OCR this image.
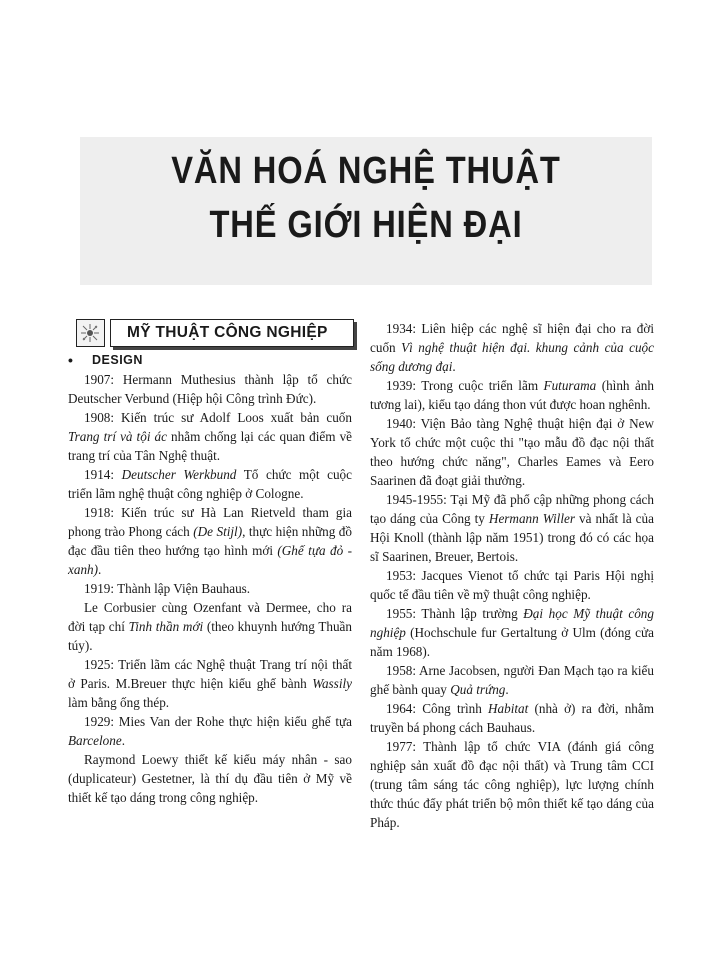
VĂN HOÁ NGHỆ THUẬT
THẾ GIỚI HIỆN ĐẠI
MỸ THUẬT CÔNG NGHIỆP
•	DESIGN

1907: Hermann Muthesius thành lập tổ chức Deutscher Verbund (Hiệp hội Công trình Đức).

1908: Kiến trúc sư Adolf Loos xuất bản cuốn Trang trí và tội ác nhằm chống lại các quan điểm về trang trí của Tân Nghệ thuật.

1914: Deutscher Werkbund Tổ chức một cuộc triển lãm nghệ thuật công nghiệp ở Cologne.

1918: Kiến trúc sư Hà Lan Rietveld tham gia phong trào Phong cách (De Stijl), thực hiện những đồ đạc đầu tiên theo hướng tạo hình mới (Ghế tựa đỏ - xanh).

1919: Thành lập Viện Bauhaus.

Le Corbusier cùng Ozenfant và Dermee, cho ra đời tạp chí Tinh thần mới (theo khuynh hướng Thuần túy).

1925: Triển lãm các Nghệ thuật Trang trí nội thất ở Paris. M.Breuer thực hiện kiểu ghế bành Wassily làm bằng ống thép.

1929: Mies Van der Rohe thực hiện kiểu ghế tựa Barcelone.

Raymond Loewy thiết kế kiểu máy nhân - sao (duplicateur) Gestetner, là thí dụ đầu tiên ở Mỹ về thiết kế tạo dáng trong công nghiệp.

1934: Liên hiệp các nghệ sĩ hiện đại cho ra đời cuốn Vì nghệ thuật hiện đại. khung cảnh của cuộc sống dương đại.

1939: Trong cuộc triển lãm Futurama (hình ảnh tương lai), kiểu tạo dáng thon vút được hoan nghênh.

1940: Viện Bảo tàng Nghệ thuật hiện đại ở New York tổ chức một cuộc thi "tạo mẫu đồ đạc nội thất theo hướng chức năng", Charles Eames và Eero Saarinen đã đoạt giải thưởng.

1945-1955: Tại Mỹ đã phổ cập những phong cách tạo dáng của Công ty Hermann Willer và nhất là của Hội Knoll (thành lập năm 1951) trong đó có các họa sĩ Saarinen, Breuer, Bertois.

1953: Jacques Vienot tổ chức tại Paris Hội nghị quốc tế đầu tiên về mỹ thuật công nghiệp.

1955: Thành lập trường Đại học Mỹ thuật công nghiệp (Hochschule fur Gertaltung ở Ulm (đóng cửa năm 1968).

1958: Arne Jacobsen, người Đan Mạch tạo ra kiểu ghế bành quay Quả trứng.

1964: Công trình Habitat (nhà ở) ra đời, nhằm truyền bá phong cách Bauhaus.

1977: Thành lập tổ chức VIA (đánh giá công nghiệp sản xuất đồ đạc nội thất) và Trung tâm CCI (trung tâm sáng tác công nghiệp), lực lượng chính thức thúc đẩy phát triển bộ môn thiết kế tạo dáng của Pháp.
